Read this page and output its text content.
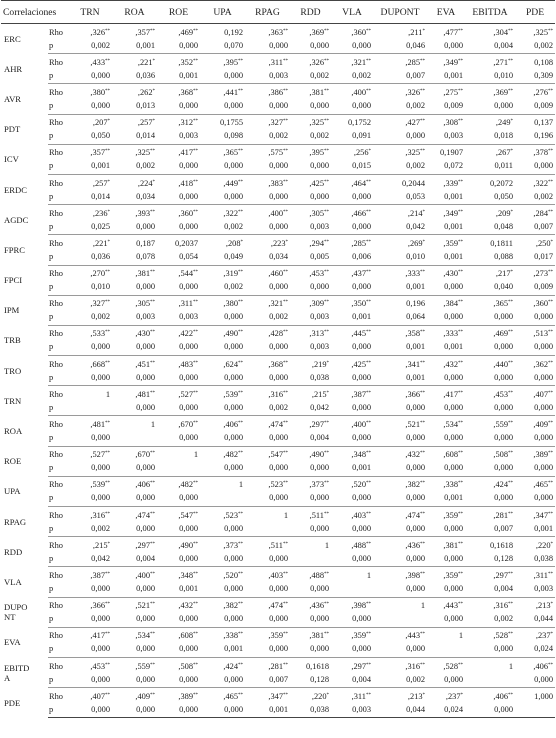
Correlaciones		TRN	ROA	ROE	UPA	RPAG	RDD	VLA	DUPONT	EVA	EBITDA	PDE
ERC	Rho	,326**	,357**	,469**	0,192	,363**	,369**	,360**	,211*	,477**	,304**	,325**
	p	0,002	0,001	0,000	0,070	0,000	0,000	0,000	0,046	0,000	0,004	0,002
AHR	Rho	,433**	,221*	,352**	,395**	,311**	,326**	,321**	,285**	,349**	,271**	0,108
	p	0,000	0,036	0,001	0,000	0,003	0,002	0,002	0,007	0,001	0,010	0,309
AVR	Rho	,380**	,262*	,368**	,441**	,386**	,381**	,400**	,326**	,275**	,369**	,276**
	p	0,000	0,013	0,000	0,000	0,000	0,000	0,000	0,002	0,009	0,000	0,009
PDT	Rho	,207*	,257*	,312**	0,1755	,327**	,325**	0,1752	,427**	,308**	,249*	0,137
	p	0,050	0,014	0,003	0,098	0,002	0,002	0,091	0,000	0,003	0,018	0,196
ICV	Rho	,357**	,325**	,417**	,365**	,575**	,395**	,256*	,325**	0,1907	,267*	,378**
	p	0,001	0,002	0,000	0,000	0,000	0,000	0,015	0,002	0,072	0,011	0,000
ERDC	Rho	,257*	,224*	,418**	,449**	,383**	,425**	,464**	0,2044	,339**	0,2072	,322**
	p	0,014	0,034	0,000	0,000	0,000	0,000	0,000	0,053	0,001	0,050	0,002
AGDC	Rho	,236*	,393**	,360**	,322**	,400**	,305**	,466**	,214*	,349**	,209*	,284**
	p	0,025	0,000	0,000	0,002	0,000	0,003	0,000	0,042	0,001	0,048	0,007
FPRC	Rho	,221*	0,187	0,2037	,208*	,223*	,294**	,285**	,269*	,359**	0,1811	,250*
	p	0,036	0,078	0,054	0,049	0,034	0,005	0,006	0,010	0,001	0,088	0,017
FPCI	Rho	,270**	,381**	,544**	,319**	,460**	,453**	,437**	,333**	,430**	,217*	,273**
	p	0,010	0,000	0,000	0,002	0,000	0,000	0,000	0,001	0,000	0,040	0,009
IPM	Rho	,327**	,305**	,311**	,380**	,321**	,309**	,350**	0,196	,384**	,365**	,360**
	p	0,002	0,003	0,003	0,000	0,002	0,003	0,001	0,064	0,000	0,000	0,000
TRB	Rho	,533**	,430**	,422**	,490**	,428**	,313**	,445**	,358**	,333**	,469**	,513**
	p	0,000	0,000	0,000	0,000	0,000	0,003	0,000	0,001	0,001	0,000	0,000
TRO	Rho	,668**	,451**	,483**	,624**	,368**	,219*	,425**	,341**	,432**	,440**	,362**
	p	0,000	0,000	0,000	0,000	0,000	0,038	0,000	0,001	0,000	0,000	0,000
TRN	Rho	1	,481**	,527**	,539**	,316**	,215*	,387**	,366**	,417**	,453**	,407**
	p		0,000	0,000	0,000	0,002	0,042	0,000	0,000	0,000	0,000	0,000
ROA	Rho	,481**	1	,670**	,406**	,474**	,297**	,400**	,521**	,534**	,559**	,409**
	p	0,000		0,000	0,000	0,000	0,004	0,000	0,000	0,000	0,000	0,000
ROE	Rho	,527**	,670**	1	,482**	,547**	,490**	,348**	,432**	,608**	,508**	,389**
	p	0,000	0,000		0,000	0,000	0,000	0,001	0,000	0,000	0,000	0,000
UPA	Rho	,539**	,406**	,482**	1	,523**	,373**	,520**	,382**	,338**	,424**	,465**
	p	0,000	0,000	0,000		0,000	0,000	0,000	0,000	0,001	0,000	0,000
RPAG	Rho	,316**	,474**	,547**	,523**	1	,511**	,403**	,474**	,359**	,281**	,347**
	p	0,002	0,000	0,000	0,000		0,000	0,000	0,000	0,000	0,007	0,001
RDD	Rho	,215*	,297**	,490**	,373**	,511**	1	,488**	,436**	,381**	0,1618	,220*
	p	0,042	0,004	0,000	0,000	0,000		0,000	0,000	0,000	0,128	0,038
VLA	Rho	,387**	,400**	,348**	,520**	,403**	,488**	1	,398**	,359**	,297**	,311**
	p	0,000	0,000	0,001	0,000	0,000	0,000		0,000	0,000	0,004	0,003
DUPO
NT	Rho	,366**	,521**	,432**	,382**	,474**	,436**	,398**	1	,443**	,316**	,213*
	p	0,000	0,000	0,000	0,000	0,000	0,000	0,000		0,000	0,002	0,044
EVA	Rho	,417**	,534**	,608**	,338**	,359**	,381**	,359**	,443**	1	,528**	,237*
	p	0,000	0,000	0,000	0,001	0,000	0,000	0,000	0,000		0,000	0,024
EBITD
A	Rho	,453**	,559**	,508**	,424**	,281**	0,1618	,297**	,316**	,528**	1	,406**
	p	0,000	0,000	0,000	0,000	0,007	0,128	0,004	0,002	0,000		0,000
PDE	Rho	,407**	,409**	,389**	,465**	,347**	,220*	,311**	,213*	,237*	,406**	1,000
	p	0,000	0,000	0,000	0,000	0,001	0,038	0,003	0,044	0,024	0,000	
